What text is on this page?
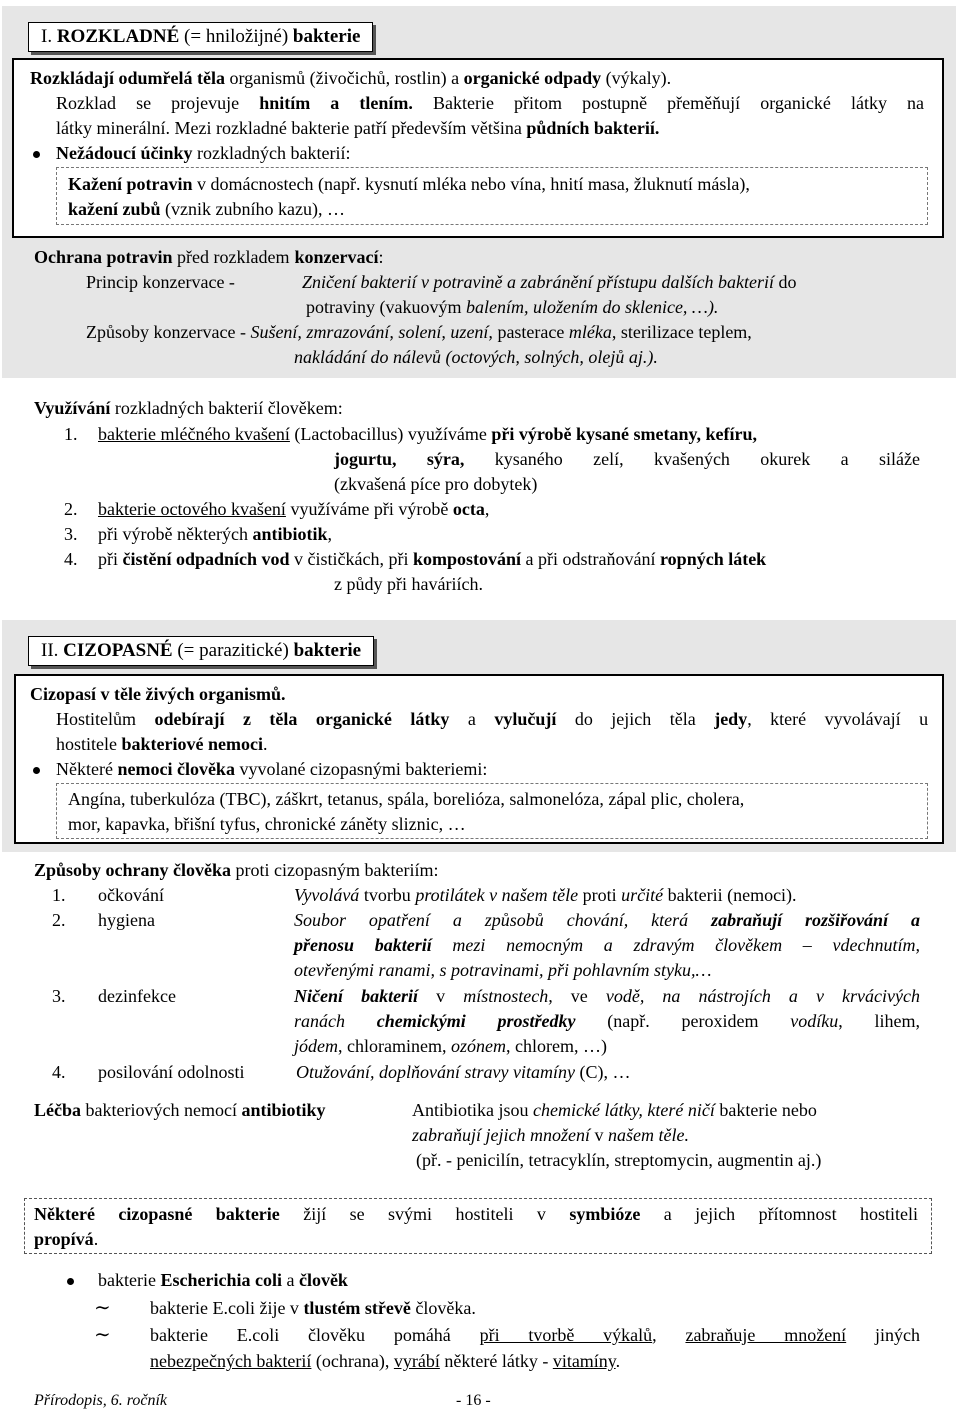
I. ROZKLADNÉ (= hniložijné) bakterie
Rozkládají odumřelá těla organismů (živočichů, rostlin) a organické odpady (výkaly).
Rozklad se projevuje hnitím a tlením. Bakterie přitom postupně přeměňují organické látky na
látky minerální. Mezi rozkladné bakterie patří především většina půdních bakterií.
Nežádoucí účinky rozkladných bakterií:
Kažení potravin v domácnostech (např. kysnutí mléka nebo vína, hnití masa, žluknutí másla),
kažení zubů (vznik zubního kazu), …
Ochrana potravin před rozkladem konzervací:
Princip konzervace -	Zničení bakterií v potravině a zabránění přístupu dalších bakterií do
potraviny (vakuovým balením, uložením do sklenice, …).
Způsoby konzervace - Sušení, zmrazování, solení, uzení, pasterace mléka, sterilizace teplem,
nakládání do nálevů (octových, solných, olejů aj.).
Využívání rozkladných bakterií člověkem:
1. bakterie mléčného kvašení (Lactobacillus) využíváme při výrobě kysané smetany, kefíru,
jogurtu, sýra, kysaného zelí, kvašených okurek a siláže
(zkvašená píce pro dobytek)
2. bakterie octového kvašení využíváme při výrobě octa,
3. při výrobě některých antibiotik,
4. při čistění odpadních vod v čističkách, při kompostování a při odstraňování ropných látek
z půdy při haváriích.
II. CIZOPASNÉ (= parazitické) bakterie
Cizopasí v těle živých organismů.
Hostitelům odebírají z těla organické látky a vylučují do jejich těla jedy, které vyvolávají u
hostitele bakteriové nemoci.
Některé nemoci člověka vyvolané cizopasnými bakteriemi:
Angína, tuberkulóza (TBC), záškrt, tetanus, spála, borelióza, salmonelóza, zápal plic, cholera,
mor, kapavka, břišní tyfus, chronické záněty sliznic, …
Způsoby ochrany člověka proti cizopasným bakteriím:
1. očkování	Vyvolává tvorbu protilátek v našem těle proti určité bakterii (nemoci).
2. hygiena	Soubor opatření a způsobů chování, která zabraňují rozšiřování a
přenosu bakterií mezi nemocným a zdravým člověkem – vdechnutím,
otevřenými ranami, s potravinami, při pohlavním styku,…
3. dezinfekce	Ničení bakterií v místnostech, ve vodě, na nástrojích a v krvácivých
ranách chemickými prostředky (např. peroxidem vodíku, lihem,
jódem, chloraminem, ozónem, chlorem, …)
4. posilování odolnosti	Otužování, doplňování stravy vitamíny (C), …
Léčba bakteriových nemocí antibiotiky	Antibiotika jsou chemické látky, které ničí bakterie nebo
zabraňují jejich množení v našem těle.
(př. - penicilín, tetracyklín, streptomycin, augmentin aj.)
Některé cizopasné bakterie žijí se svými hostiteli v symbióze a jejich přítomnost hostiteli
propívá.
bakterie Escherichia coli a člověk
∼ bakterie E.coli žije v tlustém střevě člověka.
∼ bakterie E.coli člověku pomáhá při tvorbě výkalů, zabraňuje množení jiných
nebezpečných bakterií (ochrana), vyrábí některé látky - vitamíny.
Přírodopis, 6. ročník	- 16 -
